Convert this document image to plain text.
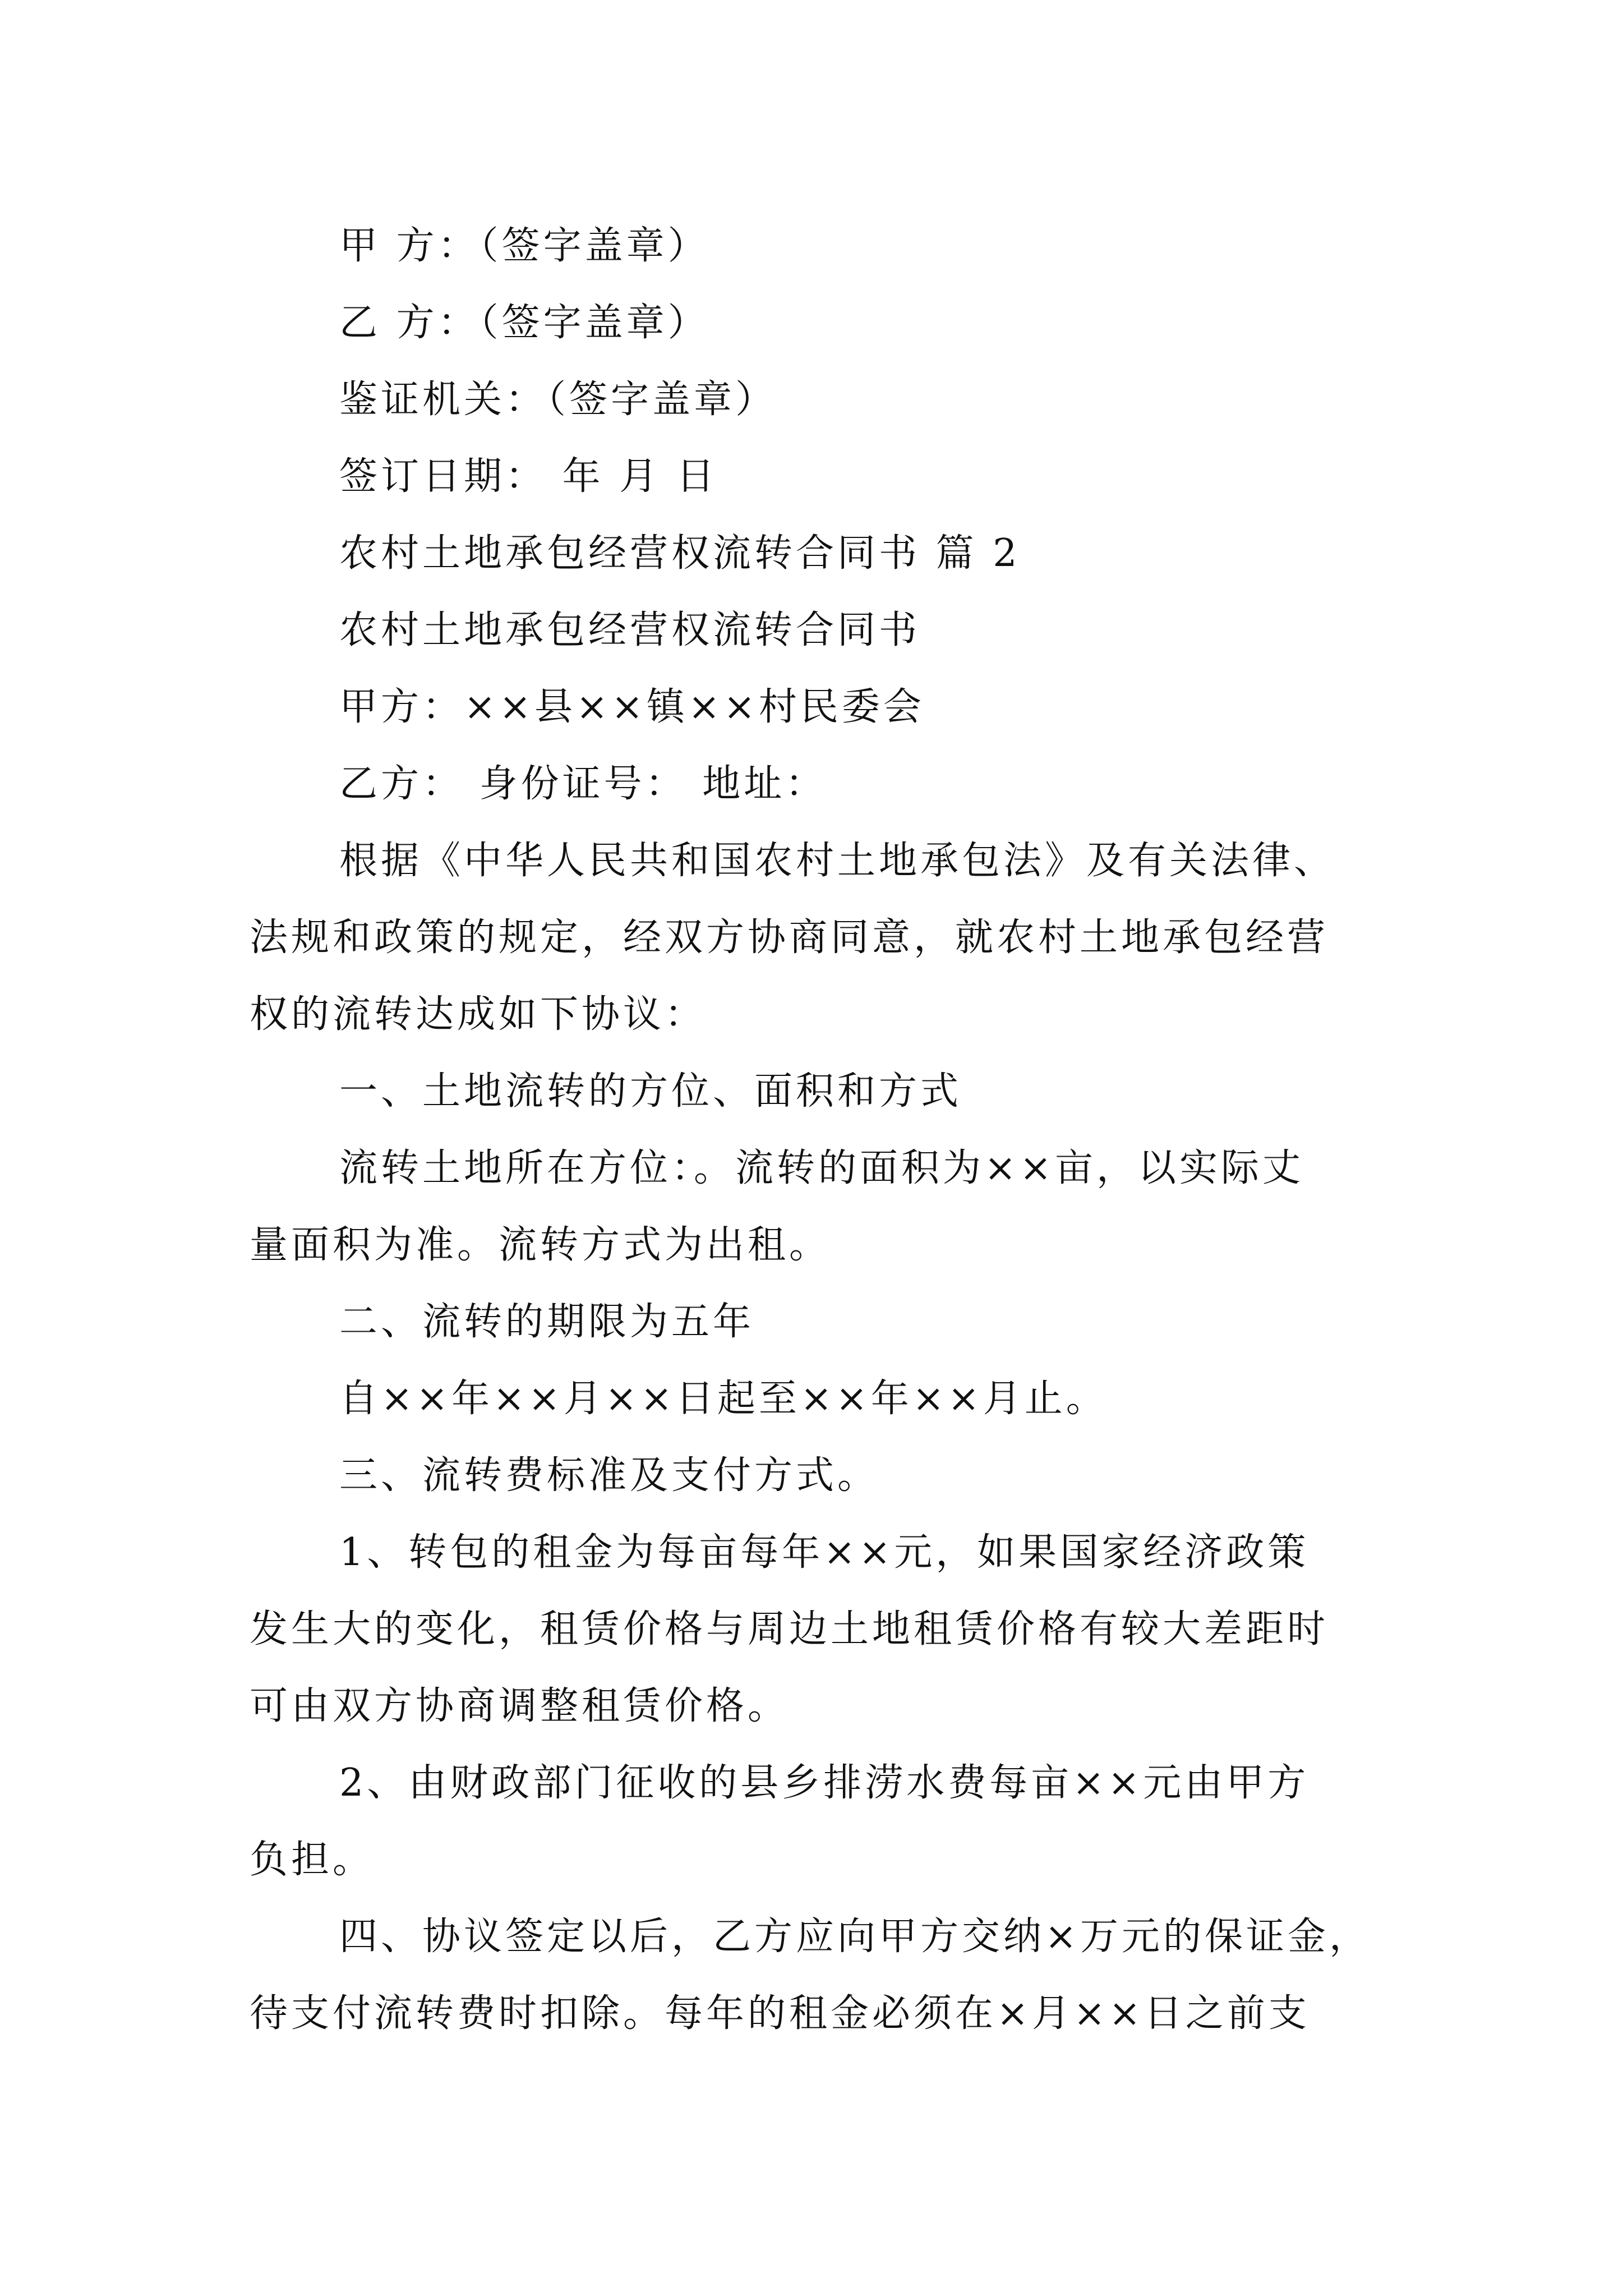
甲 方：（签字盖章）
乙 方：（签字盖章）
鉴证机关：（签字盖章）
签订日期： 年 月 日
农村土地承包经营权流转合同书 篇 2
农村土地承包经营权流转合同书
甲方：××县××镇××村民委会
乙方： 身份证号： 地址：
根据《中华人民共和国农村土地承包法》及有关法律、
法规和政策的规定，经双方协商同意，就农村土地承包经营
权的流转达成如下协议：
一、土地流转的方位、面积和方式
流转土地所在方位：。流转的面积为××亩，以实际丈
量面积为准。流转方式为出租。
二、流转的期限为五年
自××年××月××日起至××年××月止。
三、流转费标准及支付方式。
1、转包的租金为每亩每年××元，如果国家经济政策
发生大的变化，租赁价格与周边土地租赁价格有较大差距时
可由双方协商调整租赁价格。
2、由财政部门征收的县乡排涝水费每亩××元由甲方
负担。
四、协议签定以后，乙方应向甲方交纳×万元的保证金，
待支付流转费时扣除。每年的租金必须在×月××日之前支
